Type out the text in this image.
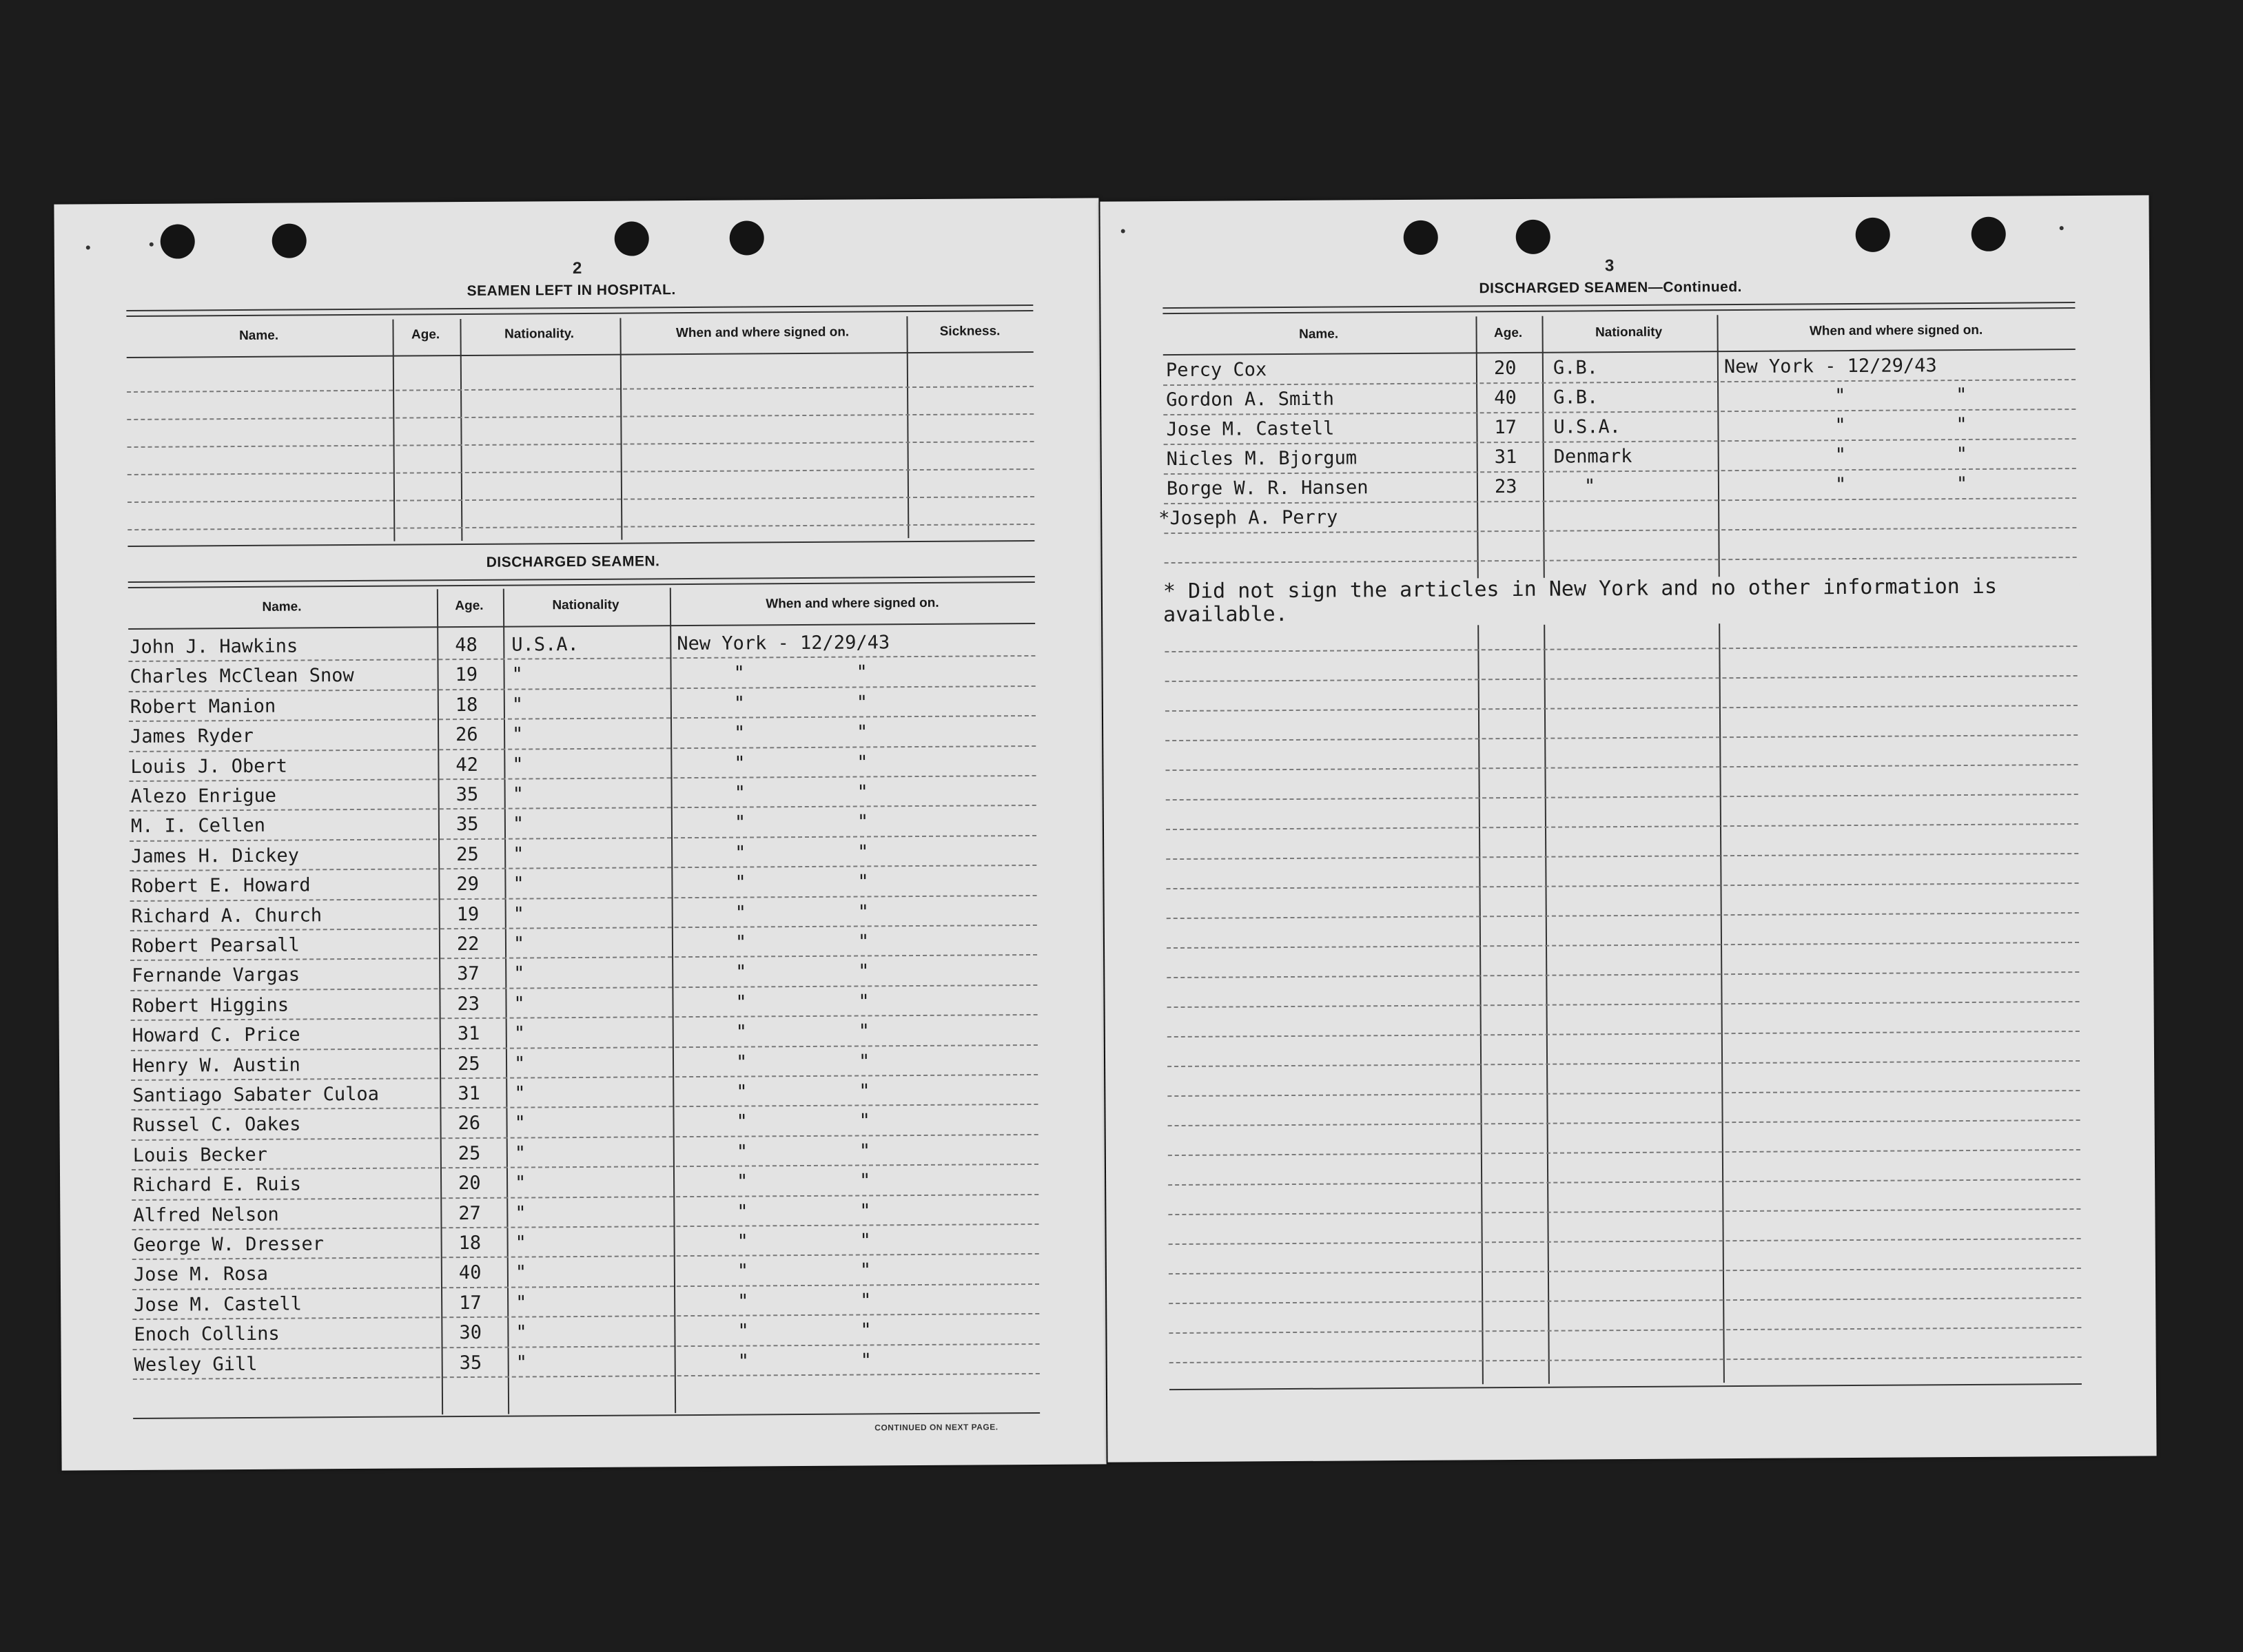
2
SEAMEN LEFT IN HOSPITAL.
Name.	Age.	Nationality.	When and where signed on.	Sickness.
DISCHARGED SEAMEN.
Name.	Age.	Nationality	When and where signed on.
John J. Hawkins	48 U.S.A.	New York - 12/29/43
Charles McClean Snow	19 "	"	"
Robert Manion	18 "	"	"
James Ryder	26 "	"	"
Louis J. Obert	42 "	"	"
Alezo Enrigue	35 "	"	"
M. I. Cellen	35 "	"	"
James H. Dickey	25 "	"	"
Robert E. Howard	29 "	"	"
Richard A. Church	19 "	"	"
Robert Pearsall	22 "	"	"
Fernande Vargas	37 "	"	"
Robert Higgins	23 "	"	"
Howard C. Price	31 "	"	"
Henry W. Austin	25 "	"	"
Santiago Sabater Culoa	31 "	"	"
Russel C. Oakes	26 "	"	"
Louis Becker	25 "	"	"
Richard E. Ruis	20 "	"	"
Alfred Nelson	27 "	"	"
George W. Dresser	18 "	"	"
Jose M. Rosa	40 "	"	"
Jose M. Castell	17 "	"	"
Enoch Collins	30 "	"	"
Wesley Gill	35 "	"	"
CONTINUED ON NEXT PAGE.
3
DISCHARGED SEAMEN—Continued.
Name.	Age.	Nationality	When and where signed on.
Percy Cox	20 G.B.	New York - 12/29/43
Gordon A. Smith	40 G.B.	"	"
Jose M. Castell	17 U.S.A.	"	"
Nicles M. Bjorgum	31 Denmark	"	"
Borge W. R. Hansen	23	"	"	"
*Joseph A. Perry
* Did not sign the articles in New York and no other information is available.
